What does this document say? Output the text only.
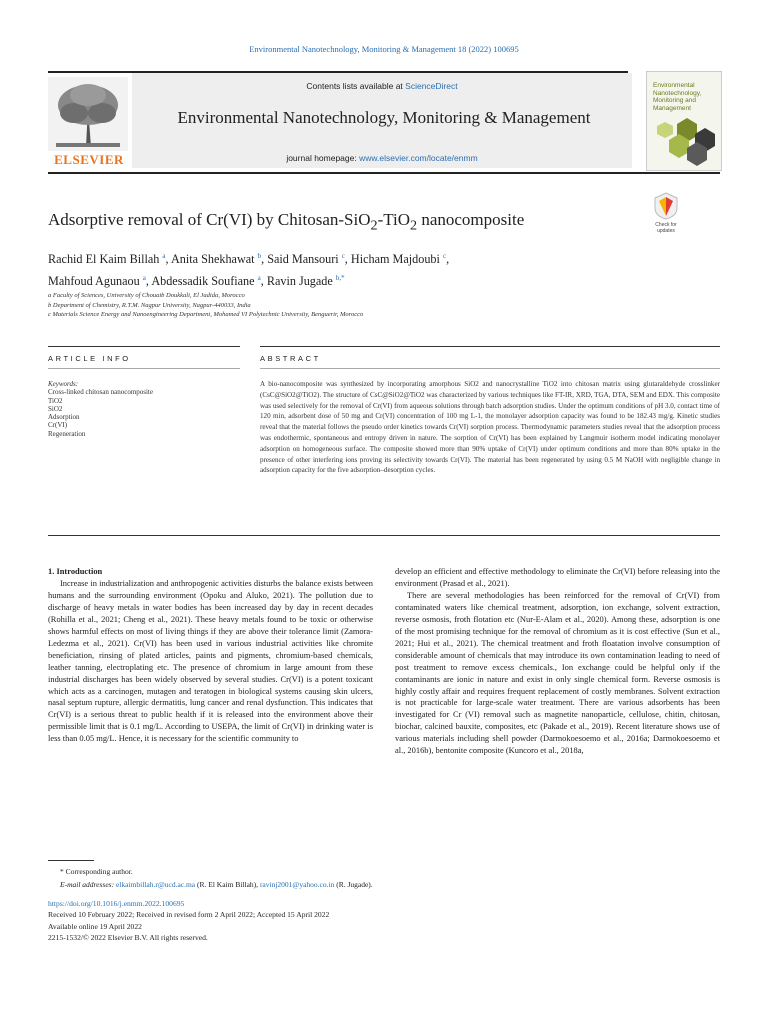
Environmental Nanotechnology, Monitoring & Management 18 (2022) 100695
ELSEVIER
Contents lists available at ScienceDirect
Environmental Nanotechnology, Monitoring & Management
journal homepage: www.elsevier.com/locate/enmm
Environmental Nanotechnology, Monitoring and Management
Adsorptive removal of Cr(VI) by Chitosan-SiO$_2$-TiO$_2$ nanocomposite	Check for updates
Rachid El Kaim Billah $^a$, Anita Shekhawat $^b$, Said Mansouri $^c$, Hicham Majdoubi $^c$,
Mahfoud Agunaou $^a$, Abdessadik Soufiane $^a$, Ravin Jugade $^{b,*}$
a Faculty of Sciences, University of Chouaib Doukkali, El Jadida, Morocco
b Department of Chemistry, R.T.M. Nagpur University, Nagpur-440033, India
c Materials Science Energy and Nanoengineering Department, Mohamed VI Polytechnic University, Benguerir, Morocco
ARTICLE INFO	ABSTRACT
Keywords:
Cross-linked chitosan nanocomposite
TiO2
SiO2
Adsorption
Cr(VI)
Regeneration
A bio-nanocomposite was synthesized by incorporating amorphous SiO2 and nanocrystalline TiO2 into chitosan matrix using glutaraldehyde crosslinker (CsC@SiO2@TiO2). The structure of CsC@SiO2@TiO2 was characterized by various techniques like FT-IR, XRD, TGA, DTA, SEM and EDX. This composite was used selectively for the removal of Cr(VI) from aqueous solutions through batch adsorption studies. Under the optimum conditions of pH 3.0, contact time of 120 min, adsorbent dose of 50 mg and Cr(VI) concentration of 100 mg L-1, the monolayer adsorption capacity was found to be 182.43 mg/g. Kinetic studies reveal that the material follows the pseudo order kinetics towards Cr(VI) sorption process. Thermodynamic parameters studies reveal that the adsorption process was endothermic, spontaneous and entropy driven in nature. The sorption of Cr(VI) has been explained by Langmuir isotherm model indicating monolayer adsorption on homogeneous surface. The composite showed more than 90% uptake of Cr(VI) under optimum conditions and more than 80% uptake in the presence of other interfering ions proving its selectivity towards Cr(VI). The material has been regenerated by using 0.5 M NaOH with negligible change in adsorption capacity for the five adsorption–desorption cycles.

1. Introduction

Increase in industrialization and anthropogenic activities disturbs the balance exists between humans and the surrounding environment (Opoku and Aluko, 2021). The pollution due to discharge of heavy metals in water bodies has been increased day by day in recent decades (Rohilla et al., 2021; Cheng et al., 2021). These heavy metals found to be toxic or otherwise shows harmful effects on most of living things if they are above their tolerance limit (Zamora-Ledezma et al., 2021). Cr(VI) has been used in various industrial activities like chromite beneficiation, rinsing of plated articles, paints and pigments, chromium-based chemicals, leather tanning, electroplating etc. The presence of chromium in large amount from these industrial discharges has been widely observed by several studies. Cr(VI) is a potent toxicant which acts as a carcinogen, mutagen and teratogen in biological systems causing skin ulcers, nasal septum rupture, allergic dermatitis, lung cancer and renal dysfunction. This indicates that Cr(VI) is a serious threat to public health if it is released into the environment above their permissible limit that is 0.1 mg/L. According to USEPA, the limit of Cr(VI) in drinking water is less than 0.05 mg/L. Hence, it is necessary for the scientific community to

develop an efficient and effective methodology to eliminate the Cr(VI) before releasing into the environment (Prasad et al., 2021).

There are several methodologies has been reinforced for the removal of Cr(VI) from contaminated waters like chemical treatment, adsorption, ion exchange, solvent extraction, reverse osmosis, froth flotation etc (Nur-E-Alam et al., 2020). Among these, adsorption is one of the most promising technique for the removal of chromium as it is cost effective (Sun et al., 2021; Hui et al., 2021). The chemical treatment and froth floatation involve consumption of considerable amount of chemicals that may introduce its own contamination leading to need of post treatment to remove excess chemicals., Ion exchange could be helpful only if the contaminants are ionic in nature and exist in only single chemical form. Reverse osmosis is highly costly affair and requires frequent replacement of costly membranes. Solvent extraction is not practicable for large-scale water treatment. There are various adsorbents has been investigated for Cr (VI) removal such as magnetite nanoparticle, cellulose, chitin, chitosan, biochar, calcined bauxite, composites, etc (Pakade et al., 2019). Recent literature shows use of various materials including shell powder (Darmokoesoemo et al., 2016a; Darmokoesoemo et al., 2016b), bentonite composite (Kuncoro et al., 2018a,

* Corresponding author.
E-mail addresses: elkaimbillah.r@ucd.ac.ma (R. El Kaim Billah), ravinj2001@yahoo.co.in (R. Jugade).
https://doi.org/10.1016/j.enmm.2022.100695
Received 10 February 2022; Received in revised form 2 April 2022; Accepted 15 April 2022
Available online 19 April 2022
2215-1532/© 2022 Elsevier B.V. All rights reserved.
